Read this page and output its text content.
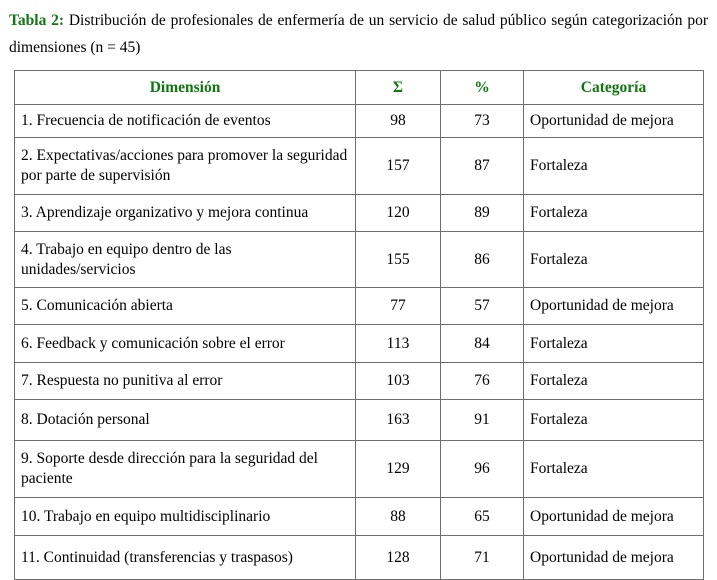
Tabla 2: Distribución de profesionales de enfermería de un servicio de salud público según categorización por dimensiones (n = 45)

Dimensión	Σ	%	Categoría
1. Frecuencia de notificación de eventos	98	73	Oportunidad de mejora
2. Expectativas/acciones para promover la seguridad por parte de supervisión	157	87	Fortaleza
3. Aprendizaje organizativo y mejora continua	120	89	Fortaleza
4. Trabajo en equipo dentro de las unidades/servicios	155	86	Fortaleza
5. Comunicación abierta	77	57	Oportunidad de mejora
6. Feedback y comunicación sobre el error	113	84	Fortaleza
7. Respuesta no punitiva al error	103	76	Fortaleza
8. Dotación personal	163	91	Fortaleza
9. Soporte desde dirección para la seguridad del paciente	129	96	Fortaleza
10. Trabajo en equipo multidisciplinario	88	65	Oportunidad de mejora
11. Continuidad (transferencias y traspasos)	128	71	Oportunidad de mejora
